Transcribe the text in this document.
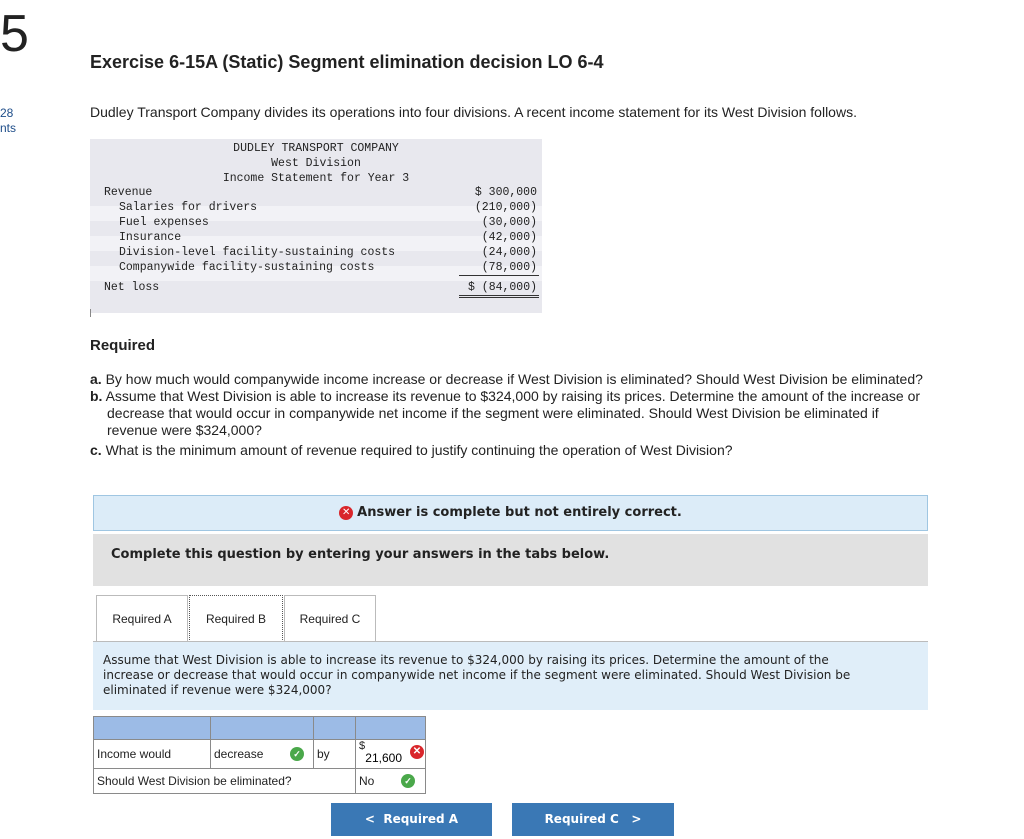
5
28
nts
Exercise 6-15A (Static) Segment elimination decision LO 6-4
Dudley Transport Company divides its operations into four divisions. A recent income statement for its West Division follows.
DUDLEY TRANSPORT COMPANY
West Division
Income Statement for Year 3
Revenue	$ 300,000
Salaries for drivers	(210,000)
Fuel expenses	(30,000)
Insurance	(42,000)
Division-level facility-sustaining costs	(24,000)
Companywide facility-sustaining costs	(78,000)
Net loss	$ (84,000)
Required
a. By how much would companywide income increase or decrease if West Division is eliminated? Should West Division be eliminated?
b. Assume that West Division is able to increase its revenue to $324,000 by raising its prices. Determine the amount of the increase or
decrease that would occur in companywide net income if the segment were eliminated. Should West Division be eliminated if
revenue were $324,000?
c. What is the minimum amount of revenue required to justify continuing the operation of West Division?
✕ Answer is complete but not entirely correct.
Complete this question by entering your answers in the tabs below.
Required A	Required B	Required C
Assume that West Division is able to increase its revenue to $324,000 by raising its prices. Determine the amount of the
increase or decrease that would occur in companywide net income if the segment were eliminated. Should West Division be
eliminated if revenue were $324,000?

Income would	decrease ✓	by	$
21,600 ✕

Should West Division be eliminated?			No ✓
< Required A	Required C >
